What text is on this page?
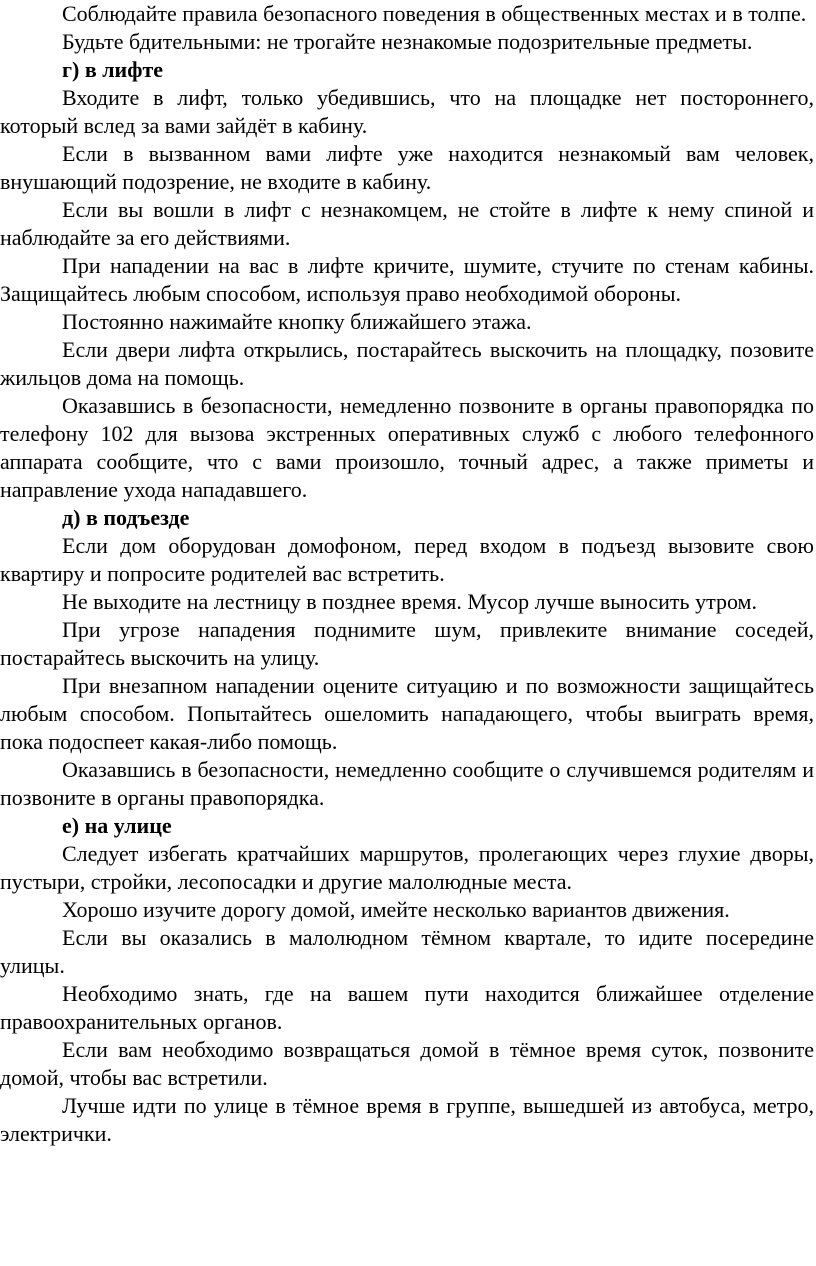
Соблюдайте правила безопасного поведения в общественных местах и в толпе.

Будьте бдительными: не трогайте незнакомые подозрительные предметы.

г) в лифте

Входите в лифт, только убедившись, что на площадке нет постороннего, который вслед за вами зайдёт в кабину.

Если в вызванном вами лифте уже находится незнакомый вам человек, внушающий подозрение, не входите в кабину.

Если вы вошли в лифт с незнакомцем, не стойте в лифте к нему спиной и наблюдайте за его действиями.

При нападении на вас в лифте кричите, шумите, стучите по стенам кабины. Защищайтесь любым способом, используя право необходимой обороны.

Постоянно нажимайте кнопку ближайшего этажа.

Если двери лифта открылись, постарайтесь выскочить на площадку, позовите жильцов дома на помощь.

Оказавшись в безопасности, немедленно позвоните в органы правопорядка по телефону 102 для вызова экстренных оперативных служб с любого телефонного аппарата сообщите, что с вами произошло, точный адрес, а также приметы и направление ухода нападавшего.

д) в подъезде

Если дом оборудован домофоном, перед входом в подъезд вызовите свою квартиру и попросите родителей вас встретить.

Не выходите на лестницу в позднее время. Мусор лучше выносить утром.

При угрозе нападения поднимите шум, привлеките внимание соседей, постарайтесь выскочить на улицу.

При внезапном нападении оцените ситуацию и по возможности защищайтесь любым способом. Попытайтесь ошеломить нападающего, чтобы выиграть время, пока подоспеет какая-либо помощь.

Оказавшись в безопасности, немедленно сообщите о случившемся родителям и позвоните в органы правопорядка.

е) на улице

Следует избегать кратчайших маршрутов, пролегающих через глухие дворы, пустыри, стройки, лесопосадки и другие малолюдные места.

Хорошо изучите дорогу домой, имейте несколько вариантов движения.

Если вы оказались в малолюдном тёмном квартале, то идите посередине улицы.

Необходимо знать, где на вашем пути находится ближайшее отделение правоохранительных органов.

Если вам необходимо возвращаться домой в тёмное время суток, позвоните домой, чтобы вас встретили.

Лучше идти по улице в тёмное время в группе, вышедшей из автобуса, метро, электрички.
